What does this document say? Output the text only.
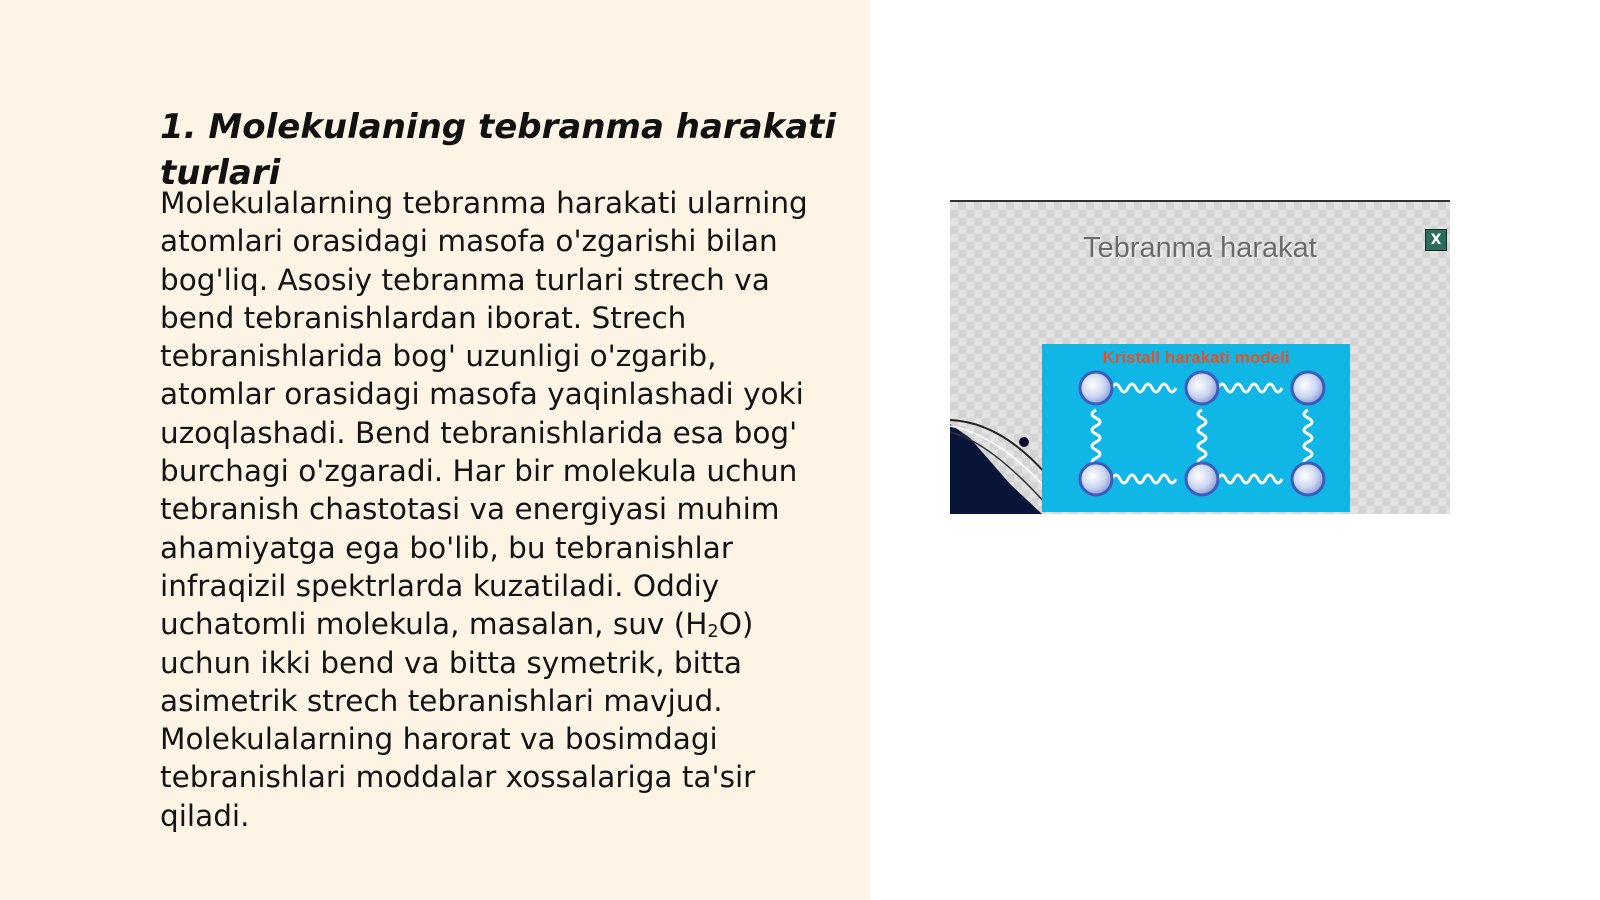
1. Molekulaning tebranma harakati turlari

Molekulalarning tebranma harakati ularning atomlari orasidagi masofa o'zgarishi bilan bog'liq. Asosiy tebranma turlari strech va bend tebranishlardan iborat. Strech tebranishlarida bog' uzunligi o'zgarib, atomlar orasidagi masofa yaqinlashadi yoki uzoqlashadi. Bend tebranishlarida esa bog' burchagi o'zgaradi. Har bir molekula uchun tebranish chastotasi va energiyasi muhim ahamiyatga ega bo'lib, bu tebranishlar infraqizil spektrlarda kuzatiladi. Oddiy uchatomli molekula, masalan, suv $(H_2O)$ uchun ikki bend va bitta symetrik, bitta asimetrik strech tebranishlari mavjud. Molekulalarning harorat va bosimdagi tebranishlari moddalar xossalariga ta'sir qiladi.

Tebranma harakat	X
Kristall harakati modeli
